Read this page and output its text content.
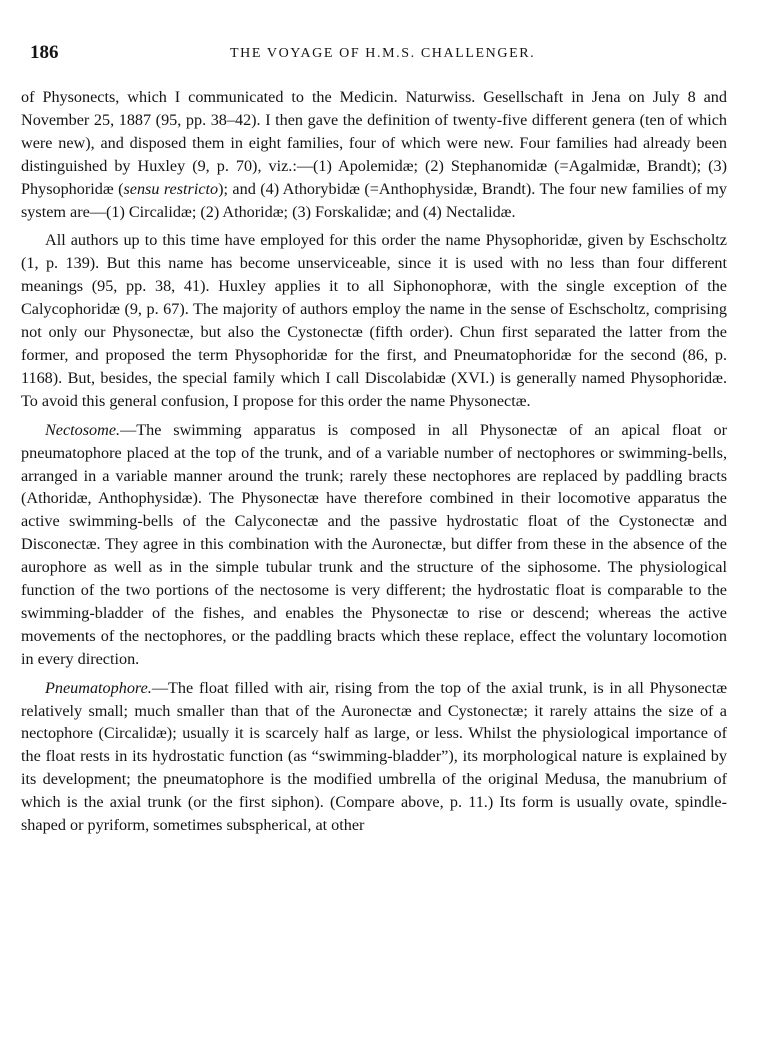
186	THE VOYAGE OF H.M.S. CHALLENGER.

of Physonects, which I communicated to the Medicin. Naturwiss. Gesellschaft in Jena on July 8 and November 25, 1887 (95, pp. 38–42). I then gave the definition of twenty-five different genera (ten of which were new), and disposed them in eight families, four of which were new. Four families had already been distinguished by Huxley (9, p. 70), viz.:—(1) Apolemidæ; (2) Stephanomidæ (=Agalmidæ, Brandt); (3) Physophoridæ (sensu restricto); and (4) Athorybidæ (=Anthophysidæ, Brandt). The four new families of my system are—(1) Circalidæ; (2) Athoridæ; (3) Forskalidæ; and (4) Nectalidæ.

All authors up to this time have employed for this order the name Physophoridæ, given by Eschscholtz (1, p. 139). But this name has become unserviceable, since it is used with no less than four different meanings (95, pp. 38, 41). Huxley applies it to all Siphonophoræ, with the single exception of the Calycophoridæ (9, p. 67). The majority of authors employ the name in the sense of Eschscholtz, comprising not only our Physonectæ, but also the Cystonectæ (fifth order). Chun first separated the latter from the former, and proposed the term Physophoridæ for the first, and Pneumatophoridæ for the second (86, p. 1168). But, besides, the special family which I call Discolabidæ (XVI.) is generally named Physophoridæ. To avoid this general confusion, I propose for this order the name Physonectæ.

Nectosome.—The swimming apparatus is composed in all Physonectæ of an apical float or pneumatophore placed at the top of the trunk, and of a variable number of nectophores or swimming-bells, arranged in a variable manner around the trunk; rarely these nectophores are replaced by paddling bracts (Athoridæ, Anthophysidæ). The Physonectæ have therefore combined in their locomotive apparatus the active swimming-bells of the Calyconectæ and the passive hydrostatic float of the Cystonectæ and Disconectæ. They agree in this combination with the Auronectæ, but differ from these in the absence of the aurophore as well as in the simple tubular trunk and the structure of the siphosome. The physiological function of the two portions of the nectosome is very different; the hydrostatic float is comparable to the swimming-bladder of the fishes, and enables the Physonectæ to rise or descend; whereas the active movements of the nectophores, or the paddling bracts which these replace, effect the voluntary locomotion in every direction.

Pneumatophore.—The float filled with air, rising from the top of the axial trunk, is in all Physonectæ relatively small; much smaller than that of the Auronectæ and Cystonectæ; it rarely attains the size of a nectophore (Circalidæ); usually it is scarcely half as large, or less. Whilst the physiological importance of the float rests in its hydrostatic function (as “swimming-bladder”), its morphological nature is explained by its development; the pneumatophore is the modified umbrella of the original Medusa, the manubrium of which is the axial trunk (or the first siphon). (Compare above, p. 11.) Its form is usually ovate, spindle-shaped or pyriform, sometimes subspherical, at other
